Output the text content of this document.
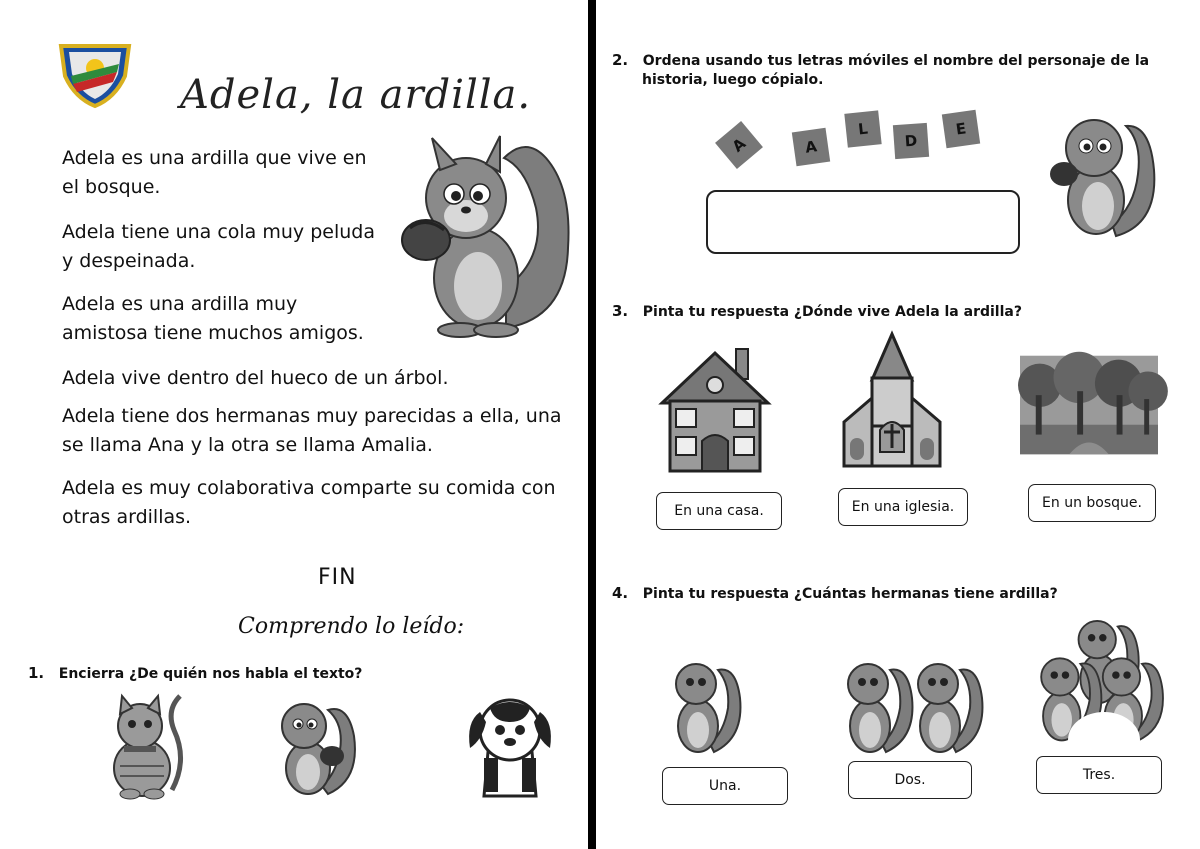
Adela, la ardilla.
Adela es una ardilla que vive en
el bosque.
Adela tiene una cola muy peluda
y despeinada.
Adela es una ardilla muy
amistosa tiene muchos amigos.
Adela vive dentro del hueco de un árbol.
Adela tiene dos hermanas muy parecidas a ella, una
se llama Ana y la otra se llama Amalia.
Adela es muy colaborativa comparte su comida con
otras ardillas.
FIN
Comprendo lo leído:
1. Encierra ¿De quién nos habla el texto?
2. Ordena usando tus letras móviles el nombre del personaje de la
historia, luego cópialo.
A	A
L
D
E
3. Pinta tu respuesta ¿Dónde vive Adela la ardilla?
En una casa.	En una iglesia.	En un bosque.
4. Pinta tu respuesta ¿Cuántas hermanas tiene ardilla?
Una.	Dos.	Tres.
